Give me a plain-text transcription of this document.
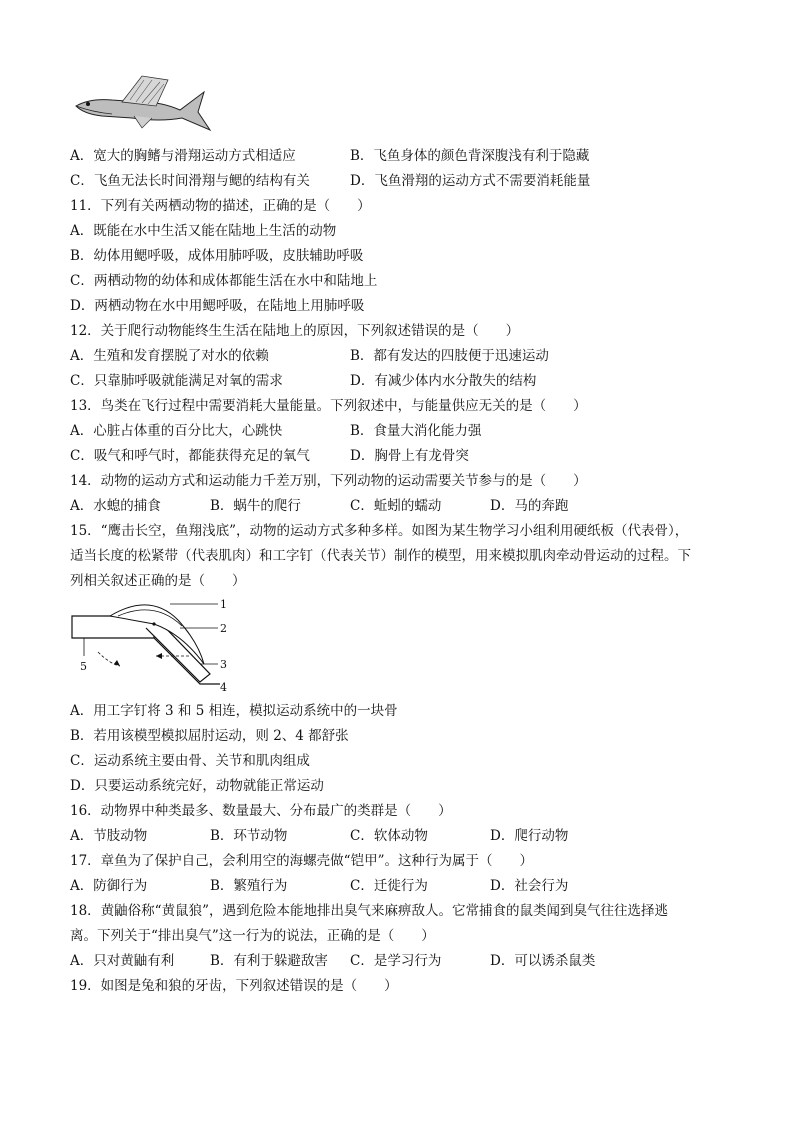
A．宽大的胸鳍与滑翔运动方式相适应	B．飞鱼身体的颜色背深腹浅有利于隐藏
C．飞鱼无法长时间滑翔与鳃的结构有关	D．飞鱼滑翔的运动方式不需要消耗能量
11．下列有关两栖动物的描述，正确的是（　　）
A．既能在水中生活又能在陆地上生活的动物
B．幼体用鳃呼吸，成体用肺呼吸，皮肤辅助呼吸
C．两栖动物的幼体和成体都能生活在水中和陆地上
D．两栖动物在水中用鳃呼吸，在陆地上用肺呼吸
12．关于爬行动物能终生生活在陆地上的原因，下列叙述错误的是（　　）
A．生殖和发育摆脱了对水的依赖	B．都有发达的四肢便于迅速运动
C．只靠肺呼吸就能满足对氧的需求	D．有减少体内水分散失的结构
13．鸟类在飞行过程中需要消耗大量能量。下列叙述中，与能量供应无关的是（　　）
A．心脏占体重的百分比大，心跳快	B．食量大消化能力强
C．吸气和呼气时，都能获得充足的氧气	D．胸骨上有龙骨突
14．动物的运动方式和运动能力千差万别，下列动物的运动需要关节参与的是（　　）
A．水螅的捕食	B．蜗牛的爬行	C．蚯蚓的蠕动	D．马的奔跑
15．“鹰击长空，鱼翔浅底”，动物的运动方式多种多样。如图为某生物学习小组利用硬纸板（代表骨），
适当长度的松紧带（代表肌肉）和工字钉（代表关节）制作的模型，用来模拟肌肉牵动骨运动的过程。下
列相关叙述正确的是（　　）
1
2
3
4
5
A．用工字钉将 3 和 5 相连，模拟运动系统中的一块骨
B．若用该模型模拟屈肘运动，则 2、4 都舒张
C．运动系统主要由骨、关节和肌肉组成
D．只要运动系统完好，动物就能正常运动
16．动物界中种类最多、数量最大、分布最广的类群是（　　）
A．节肢动物	B．环节动物	C．软体动物	D．爬行动物
17．章鱼为了保护自己，会利用空的海螺壳做“铠甲”。这种行为属于（　　）
A．防御行为	B．繁殖行为	C．迁徙行为	D．社会行为
18．黄鼬俗称“黄鼠狼”，遇到危险本能地排出臭气来麻痹敌人。它常捕食的鼠类闻到臭气往往选择逃
离。下列关于“排出臭气”这一行为的说法，正确的是（　　）
A．只对黄鼬有利	B．有利于躲避敌害 C．是学习行为	D．可以诱杀鼠类
19．如图是兔和狼的牙齿，下列叙述错误的是（　　）
